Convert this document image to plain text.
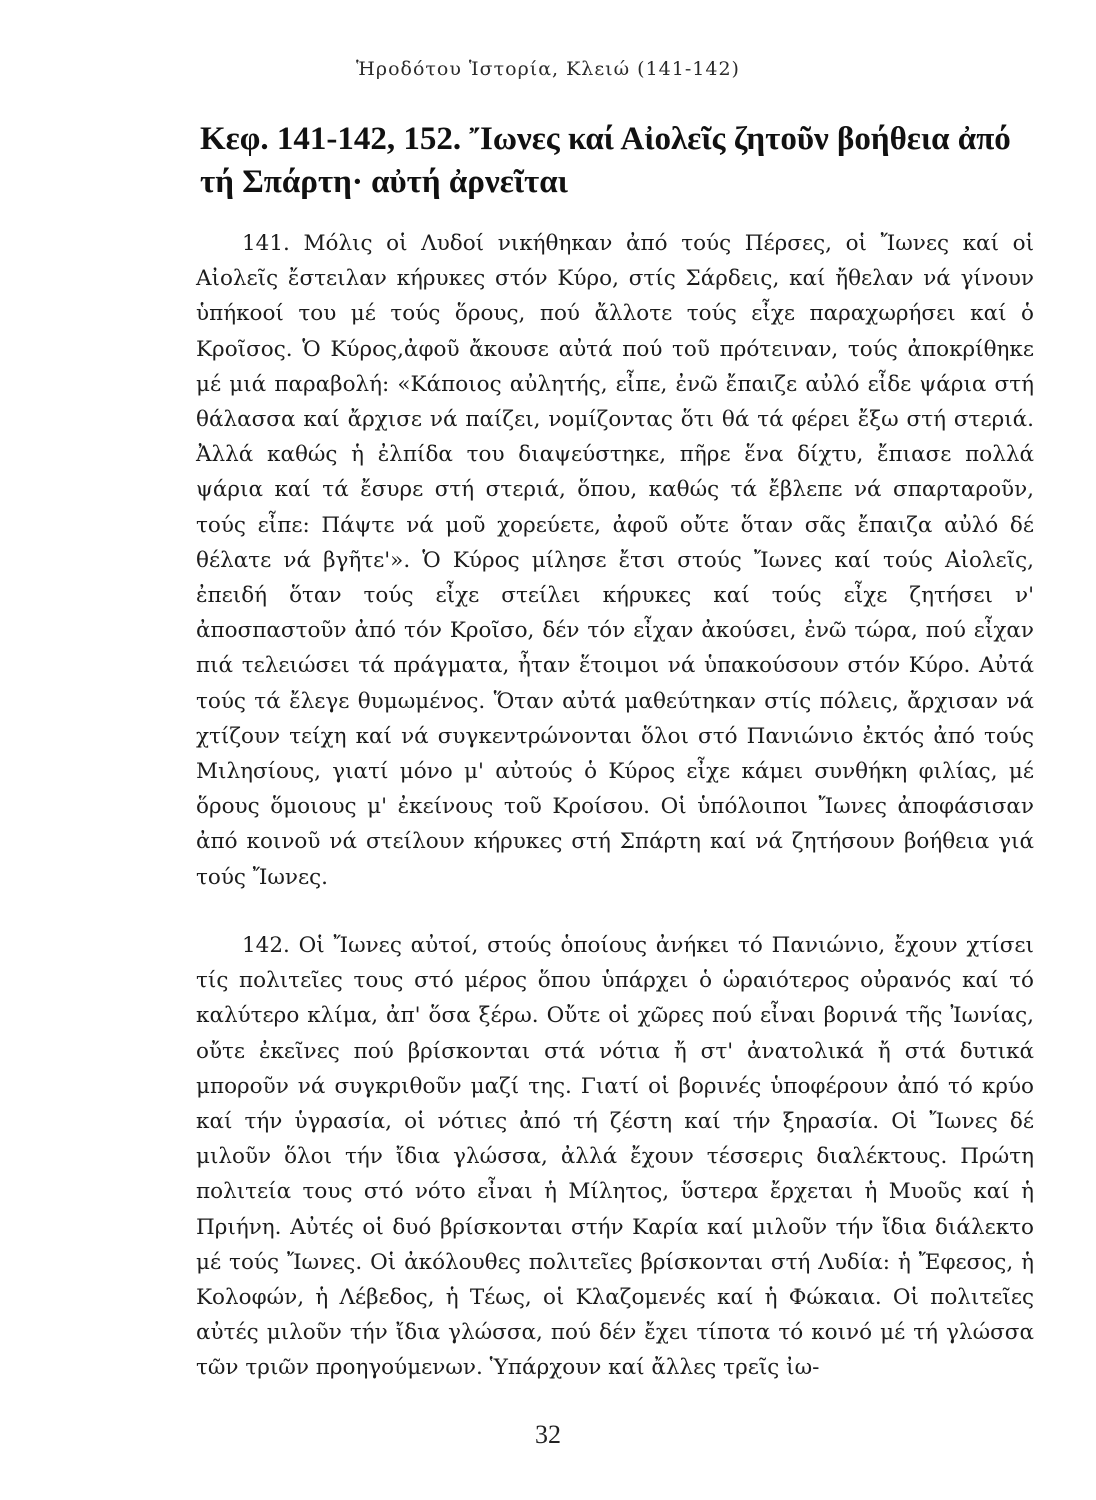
Ἡροδότου Ἱστορία, Κλειώ (141-142)
Κεφ. 141-142, 152. Ἴωνες καί Αἰολεῖς ζητοῦν βοήθεια ἀπό τή Σπάρτη· αὐτή ἀρνεῖται

141. Μόλις οἱ Λυδοί νικήθηκαν ἀπό τούς Πέρσες, οἱ Ἴωνες καί οἱ Αἰολεῖς ἔστειλαν κήρυκες στόν Κύρο, στίς Σάρδεις, καί ἤθελαν νά γίνουν ὑπήκοοί του μέ τούς ὅρους, πού ἄλλοτε τούς εἶχε παραχωρήσει καί ὁ Κροῖσος. Ὁ Κύρος,ἀφοῦ ἄκουσε αὐτά πού τοῦ πρότειναν, τούς ἀποκρίθηκε μέ μιά παραβολή: «Κάποιος αὐλητής, εἶπε, ἐνῶ ἔπαιζε αὐλό εἶδε ψάρια στή θάλασσα καί ἄρχισε νά παίζει, νομίζοντας ὅτι θά τά φέρει ἔξω στή στεριά. Ἀλλά καθώς ἡ ἐλπίδα του διαψεύστηκε, πῆρε ἕνα δίχτυ, ἔπιασε πολλά ψάρια καί τά ἔσυρε στή στεριά, ὅπου, καθώς τά ἔβλεπε νά σπαρταροῦν, τούς εἶπε: Πάψτε νά μοῦ χορεύετε, ἀφοῦ οὔτε ὅταν σᾶς ἔπαιζα αὐλό δέ θέλατε νά βγῆτε'». Ὁ Κύρος μίλησε ἔτσι στούς Ἴωνες καί τούς Αἰολεῖς, ἐπειδή ὅταν τούς εἶχε στείλει κήρυκες καί τούς εἶχε ζητήσει ν' ἀποσπαστοῦν ἀπό τόν Κροῖσο, δέν τόν εἶχαν ἀκούσει, ἐνῶ τώρα, πού εἶχαν πιά τελειώσει τά πράγματα, ἦταν ἕτοιμοι νά ὑπακούσουν στόν Κύρο. Αὐτά τούς τά ἔλεγε θυμωμένος. Ὅταν αὐτά μαθεύτηκαν στίς πόλεις, ἄρχισαν νά χτίζουν τείχη καί νά συγκεντρώνονται ὅλοι στό Πανιώνιο ἐκτός ἀπό τούς Μιλησίους, γιατί μόνο μ' αὐτούς ὁ Κύρος εἶχε κάμει συνθήκη φιλίας, μέ ὅρους ὅμοιους μ' ἐκείνους τοῦ Κροίσου. Οἱ ὑπόλοιποι Ἴωνες ἀποφάσισαν ἀπό κοινοῦ νά στείλουν κήρυκες στή Σπάρτη καί νά ζητήσουν βοήθεια γιά τούς Ἴωνες.

142. Οἱ Ἴωνες αὐτοί, στούς ὁποίους ἀνήκει τό Πανιώνιο, ἔχουν χτίσει τίς πολιτεῖες τους στό μέρος ὅπου ὑπάρχει ὁ ὡραιότερος οὐρανός καί τό καλύτερο κλίμα, ἀπ' ὅσα ξέρω. Οὔτε οἱ χῶρες πού εἶναι βορινά τῆς Ἰωνίας, οὔτε ἐκεῖνες πού βρίσκονται στά νότια ἤ στ' ἀνατολικά ἤ στά δυτικά μποροῦν νά συγκριθοῦν μαζί της. Γιατί οἱ βορινές ὑποφέρουν ἀπό τό κρύο καί τήν ὑγρασία, οἱ νότιες ἀπό τή ζέστη καί τήν ξηρασία. Οἱ Ἴωνες δέ μιλοῦν ὅλοι τήν ἴδια γλώσσα, ἀλλά ἔχουν τέσσερις διαλέκτους. Πρώτη πολιτεία τους στό νότο εἶναι ἡ Μίλητος, ὕστερα ἔρχεται ἡ Μυοῦς καί ἡ Πριήνη. Αὐτές οἱ δυό βρίσκονται στήν Καρία καί μιλοῦν τήν ἴδια διάλεκτο μέ τούς Ἴωνες. Οἱ ἀκόλουθες πολιτεῖες βρίσκονται στή Λυδία: ἡ Ἔφεσος, ἡ Κολοφών, ἡ Λέβεδος, ἡ Τέως, οἱ Κλαζομενές καί ἡ Φώκαια. Οἱ πολιτεῖες αὐτές μιλοῦν τήν ἴδια γλώσσα, πού δέν ἔχει τίποτα τό κοινό μέ τή γλώσσα τῶν τριῶν προηγούμενων. Ὑπάρχουν καί ἄλλες τρεῖς ἰω-

32
